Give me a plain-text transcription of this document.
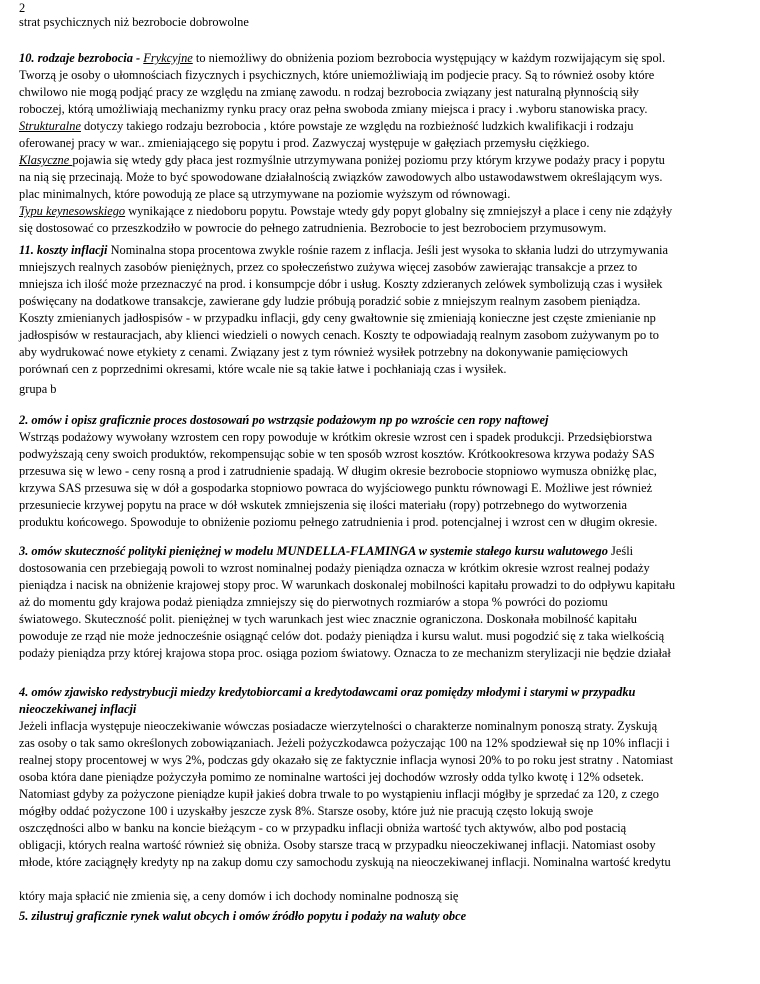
strat psychicznych niż bezrobocie dobrowolne
10. rodzaje bezrobocia - Frykcyjne to niemożliwy do obniżenia poziom bezrobocia występujący w każdym rozwijającym się spol.
Tworzą je osoby o ułomnościach fizycznych i psychicznych, które uniemożliwiają im podjecie pracy. Są to również osoby które
chwilowo nie mogą podjąć pracy ze względu na zmianę zawodu. n rodzaj bezrobocia związany jest naturalną płynnością siły
roboczej, którą umożliwiają mechanizmy rynku pracy oraz pełna swoboda zmiany miejsca i pracy i .wyboru stanowiska pracy.
Strukturalne dotyczy takiego rodzaju bezrobocia , które powstaje ze względu na rozbieżność ludzkich kwalifikacji i rodzaju
oferowanej pracy w war.. zmieniającego się popytu i prod. Zazwyczaj występuje w gałęziach przemysłu ciężkiego.
Klasyczne pojawia się wtedy gdy płaca jest rozmyślnie utrzymywana poniżej poziomu przy którym krzywe podaży pracy i popytu
na nią się przecinają. Może to być spowodowane działalnością związków zawodowych albo ustawodawstwem określającym wys.
plac minimalnych, które powodują ze place są utrzymywane na poziomie wyższym od równowagi.
Typu keynesowskiego wynikające z niedoboru popytu. Powstaje wtedy gdy popyt globalny się zmniejszył a place i ceny nie zdążyły
się dostosować co przeszkodziło w powrocie do pełnego zatrudnienia. Bezrobocie to jest bezrobociem przymusowym.
11. koszty inflacji Nominalna stopa procentowa zwykle rośnie razem z inflacja. Jeśli jest wysoka to skłania ludzi do utrzymywania
mniejszych realnych zasobów pieniężnych, przez co społeczeństwo zużywa więcej zasobów zawierając transakcje a przez to
mniejsza ich ilość może przeznaczyć na prod. i konsumpcje dóbr i usług. Koszty zdzieranych zelówek symbolizują czas i wysiłek
poświęcany na dodatkowe transakcje, zawierane gdy ludzie próbują poradzić sobie z mniejszym realnym zasobem pieniądza.
Koszty zmienianych jadłospisów - w przypadku inflacji, gdy ceny gwałtownie się zmieniają konieczne jest częste zmienianie np
jadłospisów w restauracjach, aby klienci wiedzieli o nowych cenach. Koszty te odpowiadają realnym zasobom zużywanym po to
aby wydrukować nowe etykiety z cenami. Związany jest z tym również wysiłek potrzebny na dokonywanie pamięciowych
porównań cen z poprzednimi okresami, które wcale nie są takie łatwe i pochłaniają czas i wysiłek.
grupa b
2. omów i opisz graficznie proces dostosowań po wstrząsie podażowym np po wzroście cen ropy naftowej
Wstrząs podażowy wywołany wzrostem cen ropy powoduje w krótkim okresie wzrost cen i spadek produkcji. Przedsiębiorstwa
podwyższają ceny swoich produktów, rekompensując sobie w ten sposób wzrost kosztów. Krótkookresowa krzywa podaży SAS
przesuwa się w lewo - ceny rosną a prod i zatrudnienie spadają. W długim okresie bezrobocie stopniowo wymusza obniżkę plac,
krzywa SAS przesuwa się w dół a gospodarka stopniowo powraca do wyjściowego punktu równowagi E. Możliwe jest również
przesuniecie krzywej popytu na prace w dół wskutek zmniejszenia się ilości materiału (ropy) potrzebnego do wytworzenia
produktu końcowego. Spowoduje to obniżenie poziomu pełnego zatrudnienia i prod. potencjalnej i wzrost cen w długim okresie.
3. omów skuteczność polityki pieniężnej w modelu MUNDELLA-FLAMINGA w systemie stałego kursu walutowego Jeśli
dostosowania cen przebiegają powoli to wzrost nominalnej podaży pieniądza oznacza w krótkim okresie wzrost realnej podaży
pieniądza i nacisk na obniżenie krajowej stopy proc. W warunkach doskonalej mobilności kapitału prowadzi to do odpływu kapitału
aż do momentu gdy krajowa podaż pieniądza zmniejszy się do pierwotnych rozmiarów a stopa % powróci do poziomu
światowego. Skuteczność polit. pieniężnej w tych warunkach jest wiec znacznie ograniczona. Doskonała mobilność kapitału
powoduje ze rząd nie może jednocześnie osiągnąć celów dot. podaży pieniądza i kursu walut. musi pogodzić się z taka wielkością
podaży pieniądza przy której krajowa stopa proc. osiąga poziom światowy. Oznacza to ze mechanizm sterylizacji nie będzie działał
4. omów zjawisko redystrybucji miedzy kredytobiorcami a kredytodawcami oraz pomiędzy młodymi i starymi w przypadku
nieoczekiwanej inflacji
Jeżeli inflacja występuje nieoczekiwanie wówczas posiadacze wierzytelności o charakterze nominalnym ponoszą straty. Zyskują
zas osoby o tak samo określonych zobowiązaniach. Jeżeli pożyczkodawca pożyczając 100 na 12% spodziewał się np 10% inflacji i
realnej stopy procentowej w wys 2%, podczas gdy okazało się ze faktycznie inflacja wynosi 20% to po roku jest stratny . Natomiast
osoba która dane pieniądze pożyczyła pomimo ze nominalne wartości jej dochodów wzrosły odda tylko kwotę i 12% odsetek.
Natomiast gdyby za pożyczone pieniądze kupił jakieś dobra trwale to po wystąpieniu inflacji mógłby je sprzedać za 120, z czego
mógłby oddać pożyczone 100 i uzyskałby jeszcze zysk 8%. Starsze osoby, które już nie pracują często lokują swoje
oszczędności albo w banku na koncie bieżącym - co w przypadku inflacji obniża wartość tych aktywów, albo pod postacią
obligacji, których realna wartość również się obniża. Osoby starsze tracą w przypadku nieoczekiwanej inflacji. Natomiast osoby
młode, które zaciągnęły kredyty np na zakup domu czy samochodu zyskują na nieoczekiwanej inflacji. Nominalna wartość kredytu
który maja spłacić nie zmienia się, a ceny domów i ich dochody nominalne podnoszą się
5. zilustruj graficznie rynek walut obcych i omów źródło popytu i podaży na waluty obce
2
